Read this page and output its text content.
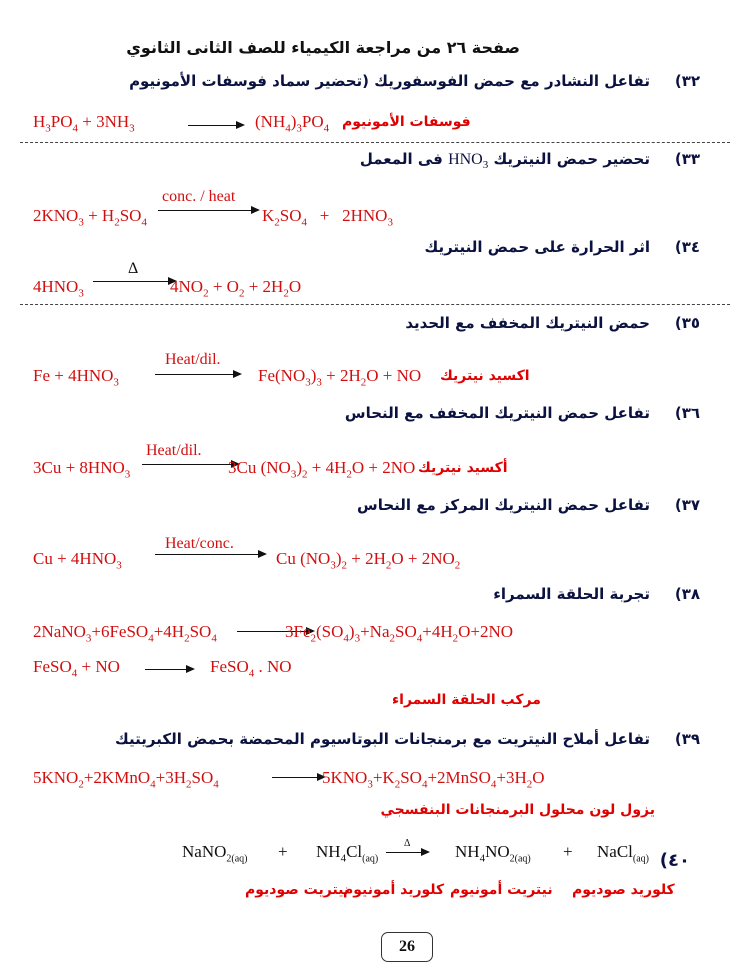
صفحة ٢٦ من مراجعة الكيمياء للصف الثانى الثانوي
٣٢)
تفاعل النشادر مع حمض الفوسفوريك (تحضير سماد فوسفات الأمونيوم
$H_3PO_4 + 3NH_3$	→ $(NH_4)_3PO_4$ فوسفات الأمونيوم
٣٣)
تحضير حمض النيتريك $HNO_3$ فى المعمل
conc. / heat
$2KNO_3 + H_2SO_4$	$K_2SO_4 + 2HNO_3$
٣٤)
اثر الحرارة على حمض النيتريك
Δ
$4HNO_3$	$4NO_2 + O_2 + 2H_2O$
٣٥)
حمض النيتريك المخفف مع الحديد
Heat/dil.
$Fe + 4HNO_3$	$Fe(NO_3)_3 + 2H_2O$ + NO اكسيد نيتريك
٣٦)
تفاعل حمض النيتريك المخفف مع النحاس
Heat/dil.
$3Cu + 8HNO_3$	3Cu $(NO_3)_2 + 4H_2O + 2NO$ أكسيد نيتريك
٣٧)
تفاعل حمض النيتريك المركز مع النحاس
Heat/conc.
$Cu + 4HNO_3$	Cu $(NO_3)_2 + 2H_2O + 2NO_2$
٣٨)
تجربة الحلقة السمراء
$2NaNO_3+6FeSO_4+4H_2SO_4$	$3Fe_2(SO_4)_3+Na_2SO_4+4H_2O+2NO$
FeSO$_4$ + NO → FeSO$_4$ . NO
مركب الحلقة السمراء
٣٩)
تفاعل أملاح النيتريت مع برمنجانات البوتاسيوم المحمضة بحمض الكبريتيك
$5KNO_2+2KMnO_4+3H_2SO_4$	$5KNO_3+K_2SO_4+2MnSO_4+3H_2O$
يزول لون محلول البرمنجانات البنفسجي
٤٠)
NaNO$_{2(aq)}$ + $NH_4Cl_{(aq)}$
Δ	$NH_4NO_{2(aq)}$ + NaCl$_{(aq)}$
كلوريد صوديوم
نيتريت أمونيوم
كلوريد أمونيوم
نيتريت صوديوم
26
